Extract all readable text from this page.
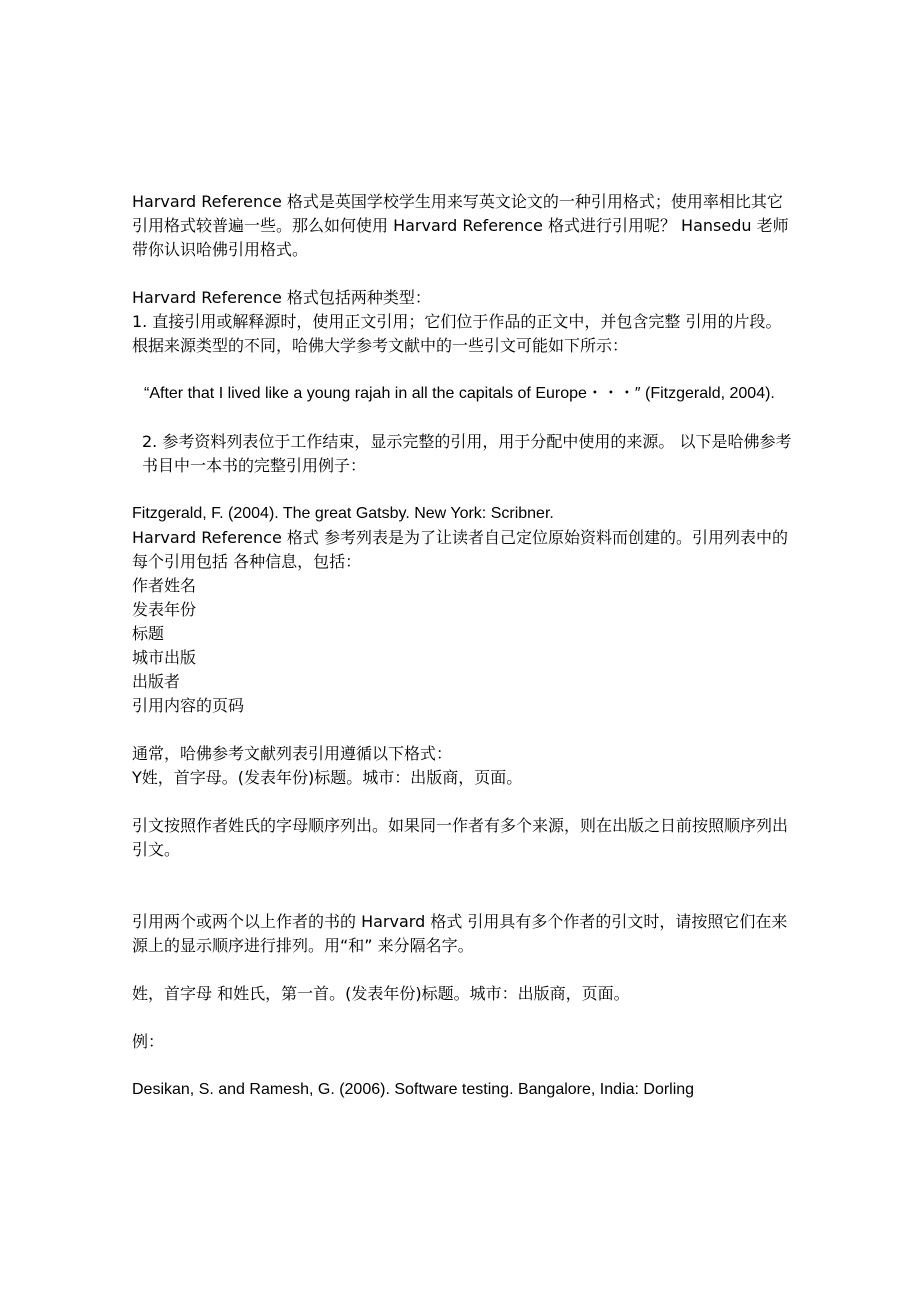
Harvard Reference 格式是英国学校学生用来写英文论文的一种引用格式；使用率相比其它引用格式较普遍一些。那么如何使用 Harvard Reference 格式进行引用呢？ Hansedu 老师带你认识哈佛引用格式。

Harvard Reference 格式包括两种类型：

1. 直接引用或解释源时，使用正文引用；它们位于作品的正文中，并包含完整 引用的片段。

根据来源类型的不同，哈佛大学参考文献中的一些引文可能如下所示：

“After that I lived like a young rajah in all the capitals of Europe・・・″ (Fitzgerald, 2004).

2. 参考资料列表位于工作结束，显示完整的引用，用于分配中使用的来源。 以下是哈佛参考书目中一本书的完整引用例子：

Fitzgerald, F. (2004). The great Gatsby. New York: Scribner.

Harvard Reference 格式 参考列表是为了让读者自己定位原始资料而创建的。引用列表中的每个引用包括 各种信息，包括：

作者姓名

发表年份

标题

城市出版

出版者

引用内容的页码

通常，哈佛参考文献列表引用遵循以下格式：

Y姓，首字母。(发表年份)标题。城市：出版商，页面。

引文按照作者姓氏的字母顺序列出。如果同一作者有多个来源，则在出版之日前按照顺序列出引文。

引用两个或两个以上作者的书的 Harvard 格式 引用具有多个作者的引文时，请按照它们在来源上的显示顺序进行排列。用“和” 来分隔名字。

姓，首字母 和姓氏，第一首。(发表年份)标题。城市：出版商，页面。

例：

Desikan, S. and Ramesh, G. (2006). Software testing. Bangalore, India: Dorling
